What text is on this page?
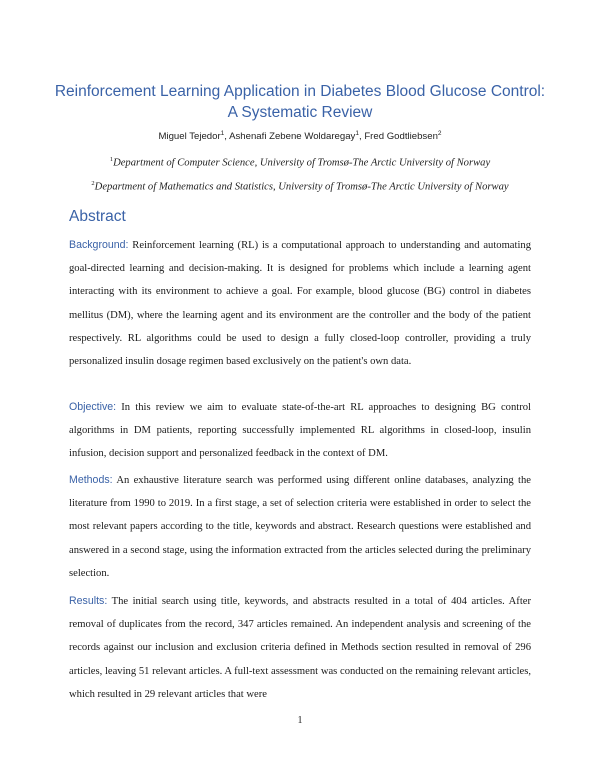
Reinforcement Learning Application in Diabetes Blood Glucose Control:
A Systematic Review
Miguel Tejedor$^1$, Ashenafi Zebene Woldaregay$^1$, Fred Godtliebsen$^2$
$^1$Department of Computer Science, University of Tromsø-The Arctic University of Norway
$^2$Department of Mathematics and Statistics, University of Tromsø-The Arctic University of Norway
Abstract

Background: Reinforcement learning (RL) is a computational approach to understanding and automating goal-directed learning and decision-making. It is designed for problems which include a learning agent interacting with its environment to achieve a goal. For example, blood glucose (BG) control in diabetes mellitus (DM), where the learning agent and its environment are the controller and the body of the patient respectively. RL algorithms could be used to design a fully closed-loop controller, providing a truly personalized insulin dosage regimen based exclusively on the patient's own data.

Objective: In this review we aim to evaluate state-of-the-art RL approaches to designing BG control algorithms in DM patients, reporting successfully implemented RL algorithms in closed-loop, insulin infusion, decision support and personalized feedback in the context of DM.

Methods: An exhaustive literature search was performed using different online databases, analyzing the literature from 1990 to 2019. In a first stage, a set of selection criteria were established in order to select the most relevant papers according to the title, keywords and abstract. Research questions were established and answered in a second stage, using the information extracted from the articles selected during the preliminary selection.

Results: The initial search using title, keywords, and abstracts resulted in a total of 404 articles. After removal of duplicates from the record, 347 articles remained. An independent analysis and screening of the records against our inclusion and exclusion criteria defined in Methods section resulted in removal of 296 articles, leaving 51 relevant articles. A full-text assessment was conducted on the remaining relevant articles, which resulted in 29 relevant articles that were

1
